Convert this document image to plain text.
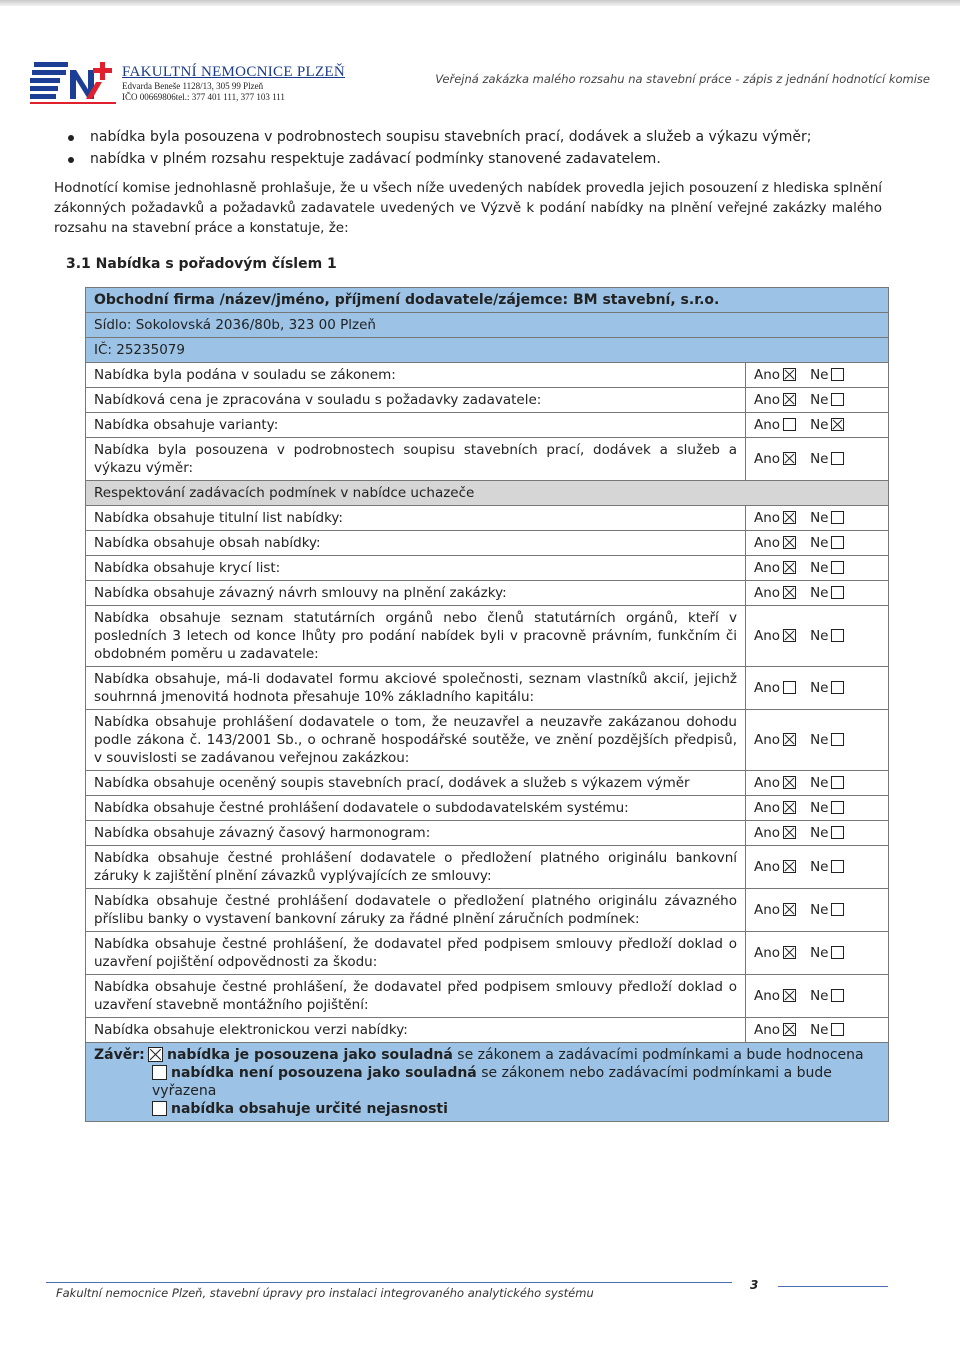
FAKULTNÍ NEMOCNICE PLZEŇ
Edvarda Beneše 1128/13, 305 99 Plzeň
IČO 00669806tel.: 377 401 111, 377 103 111
Veřejná zakázka malého rozsahu na stavební práce - zápis z jednání hodnotící komise
nabídka byla posouzena v podrobnostech soupisu stavebních prací, dodávek a služeb a výkazu výměr;
nabídka v plném rozsahu respektuje zadávací podmínky stanovené zadavatelem.

Hodnotící komise jednohlasně prohlašuje, že u všech níže uvedených nabídek provedla jejich posouzení z hlediska splnění zákonných požadavků a požadavků zadavatele uvedených ve Výzvě k podání nabídky na plnění veřejné zakázky malého rozsahu na stavební práce a konstatuje, že:

3.1 Nabídka s pořadovým číslem 1
Obchodní firma /název/jméno, příjmení dodavatele/zájemce: BM stavební, s.r.o.	
Sídlo: Sokolovská 2036/80b, 323 00 Plzeň	
IČ: 25235079	
Nabídka byla podána v souladu se zákonem:	Ano Ne
Nabídková cena je zpracována v souladu s požadavky zadavatele:	Ano Ne
Nabídka obsahuje varianty:	Ano Ne
Nabídka byla posouzena v podrobnostech soupisu stavebních prací, dodávek a služeb a výkazu výměr:	Ano Ne
Respektování zadávacích podmínek v nabídce uchazeče	
Nabídka obsahuje titulní list nabídky:	Ano Ne
Nabídka obsahuje obsah nabídky:	Ano Ne
Nabídka obsahuje krycí list:	Ano Ne
Nabídka obsahuje závazný návrh smlouvy na plnění zakázky:	Ano Ne
Nabídka obsahuje seznam statutárních orgánů nebo členů statutárních orgánů, kteří v posledních 3 letech od konce lhůty pro podání nabídek byli v pracovně právním, funkčním či obdobném poměru u zadavatele:	Ano Ne
Nabídka obsahuje, má-li dodavatel formu akciové společnosti, seznam vlastníků akcií, jejichž souhrnná jmenovitá hodnota přesahuje 10% základního kapitálu:	Ano Ne
Nabídka obsahuje prohlášení dodavatele o tom, že neuzavřel a neuzavře zakázanou dohodu podle zákona č. 143/2001 Sb., o ochraně hospodářské soutěže, ve znění pozdějších předpisů, v souvislosti se zadávanou veřejnou zakázkou:	Ano Ne
Nabídka obsahuje oceněný soupis stavebních prací, dodávek a služeb s výkazem výměr	Ano Ne
Nabídka obsahuje čestné prohlášení dodavatele o subdodavatelském systému:	Ano Ne
Nabídka obsahuje závazný časový harmonogram:	Ano Ne
Nabídka obsahuje čestné prohlášení dodavatele o předložení platného originálu bankovní záruky k zajištění plnění závazků vyplývajících ze smlouvy:	Ano Ne
Nabídka obsahuje čestné prohlášení dodavatele o předložení platného originálu závazného příslibu banky o vystavení bankovní záruky za řádné plnění záručních podmínek:	Ano Ne
Nabídka obsahuje čestné prohlášení, že dodavatel před podpisem smlouvy předloží doklad o uzavření pojištění odpovědnosti za škodu:	Ano Ne
Nabídka obsahuje čestné prohlášení, že dodavatel před podpisem smlouvy předloží doklad o uzavření stavebně montážního pojištění:	Ano Ne
Nabídka obsahuje elektronickou verzi nabídky:	Ano Ne

Závěr: nabídka je posouzena jako souladná se zákonem a zadávacími podmínkami a bude hodnocena
nabídka není posouzena jako souladná se zákonem nebo zadávacími podmínkami a bude vyřazena
nabídka obsahuje určité nejasnosti	
Fakultní nemocnice Plzeň, stavební úpravy pro instalaci integrovaného analytického systému
3
